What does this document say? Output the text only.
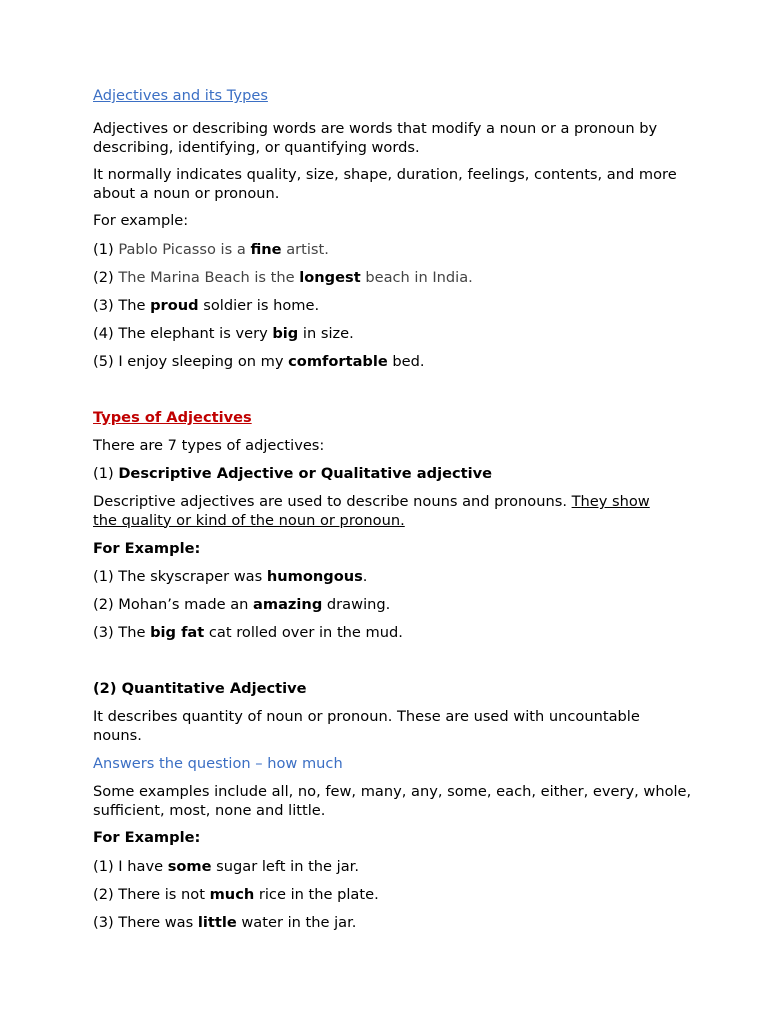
Adjectives and its Types

Adjectives or describing words are words that modify a noun or a pronoun by describing, identifying, or quantifying words.

It normally indicates quality, size, shape, duration, feelings, contents, and more about a noun or pronoun.

For example:

(1) Pablo Picasso is a fine artist.

(2) The Marina Beach is the longest beach in India.

(3) The proud soldier is home.

(4) The elephant is very big in size.

(5) I enjoy sleeping on my comfortable bed.

Types of Adjectives

There are 7 types of adjectives:

(1) Descriptive Adjective or Qualitative adjective

Descriptive adjectives are used to describe nouns and pronouns. They show the quality or kind of the noun or pronoun.

For Example:

(1) The skyscraper was humongous.

(2) Mohan’s made an amazing drawing.

(3) The big fat cat rolled over in the mud.

(2) Quantitative Adjective

It describes quantity of noun or pronoun. These are used with uncountable nouns.

Answers the question – how much

Some examples include all, no, few, many, any, some, each, either, every, whole, sufficient, most, none and little.

For Example:

(1) I have some sugar left in the jar.

(2) There is not much rice in the plate.

(3) There was little water in the jar.
